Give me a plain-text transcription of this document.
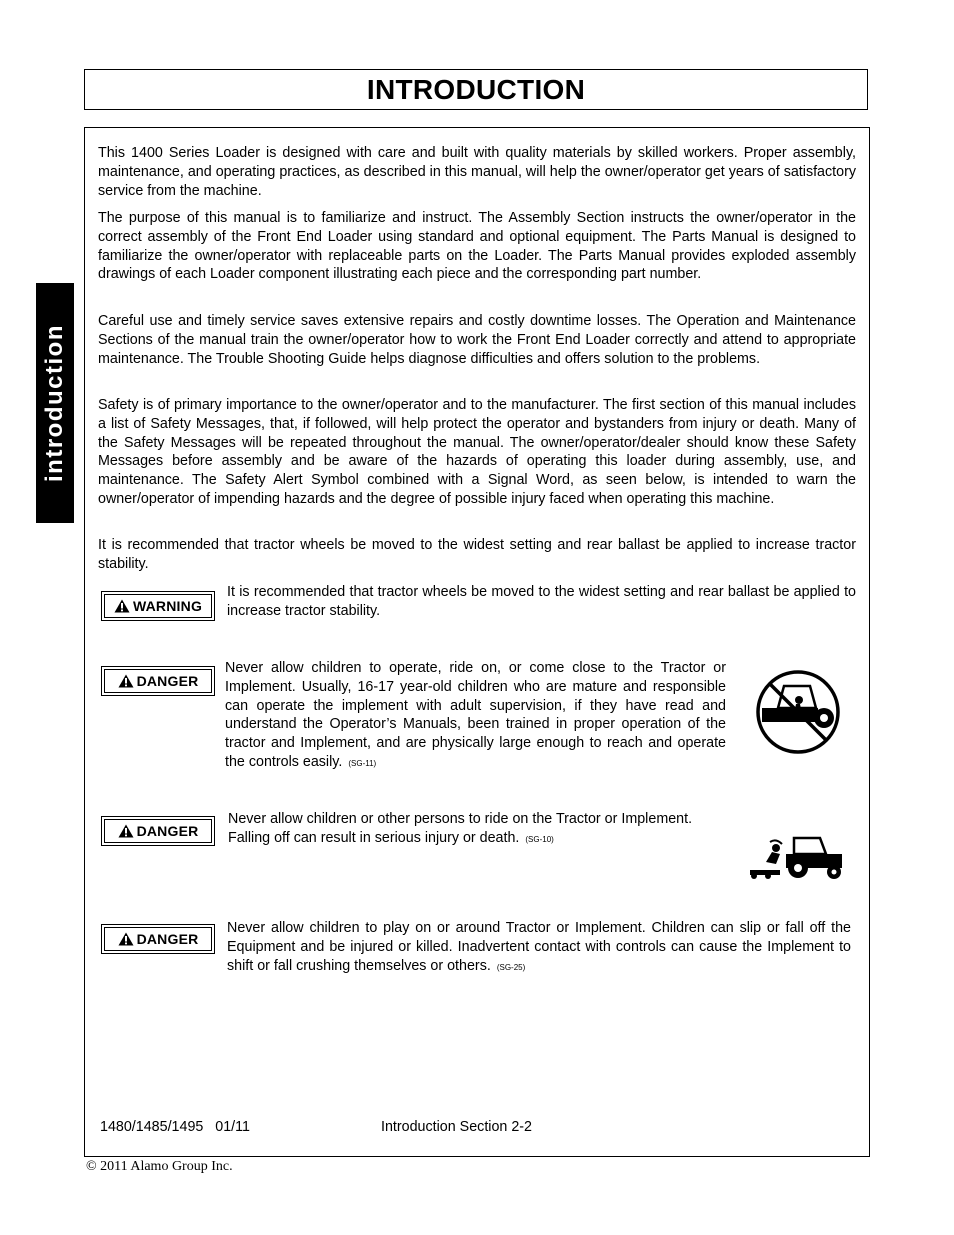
INTRODUCTION
introduction

This 1400 Series Loader is designed with care and built with quality materials by skilled workers. Proper assembly, maintenance, and operating practices, as described in this manual, will help the owner/operator get years of satisfactory service from the machine.

The purpose of this manual is to familiarize and instruct. The Assembly Section instructs the owner/operator in the correct assembly of the Front End Loader using standard and optional equipment. The Parts Manual is designed to familiarize the owner/operator with replaceable parts on the Loader. The Parts Manual provides exploded assembly drawings of each Loader component illustrating each piece and the corresponding part number.

Careful use and timely service saves extensive repairs and costly downtime losses. The Operation and Maintenance Sections of the manual train the owner/operator how to work the Front End Loader correctly and attend to appropriate maintenance. The Trouble Shooting Guide helps diagnose difficulties and offers solution to the problems.

Safety is of primary importance to the owner/operator and to the manufacturer. The first section of this manual includes a list of Safety Messages, that, if followed, will help protect the operator and bystanders from injury or death. Many of the Safety Messages will be repeated throughout the manual. The owner/operator/dealer should know these Safety Messages before assembly and be aware of the hazards of operating this loader during assembly, use, and maintenance. The Safety Alert Symbol combined with a Signal Word, as seen below, is intended to warn the owner/operator of impending hazards and the degree of possible injury faced when operating this machine.

It is recommended that tractor wheels be moved to the widest setting and rear ballast be applied to increase tractor stability.

WARNING

It is recommended that tractor wheels be moved to the widest setting and rear ballast be applied to increase tractor stability.

DANGER

Never allow children to operate, ride on, or come close to the Tractor or Implement. Usually, 16-17 year-old children who are mature and responsible can operate the implement with adult supervision, if they have read and understand the Operator’s Manuals, been trained in proper operation of the tractor and Implement, and are physically large enough to reach and operate the controls easily. (SG-11)

DANGER

Never allow children or other persons to ride on the Tractor or Implement. Falling off can result in serious injury or death. (SG-10)

DANGER

Never allow children to play on or around Tractor or Implement. Children can slip or fall off the Equipment and be injured or killed. Inadvertent contact with controls can cause the Implement to shift or fall crushing themselves or others. (SG-25)

1480/1485/1495   01/11	Introduction Section 2-2
© 2011 Alamo Group Inc.
